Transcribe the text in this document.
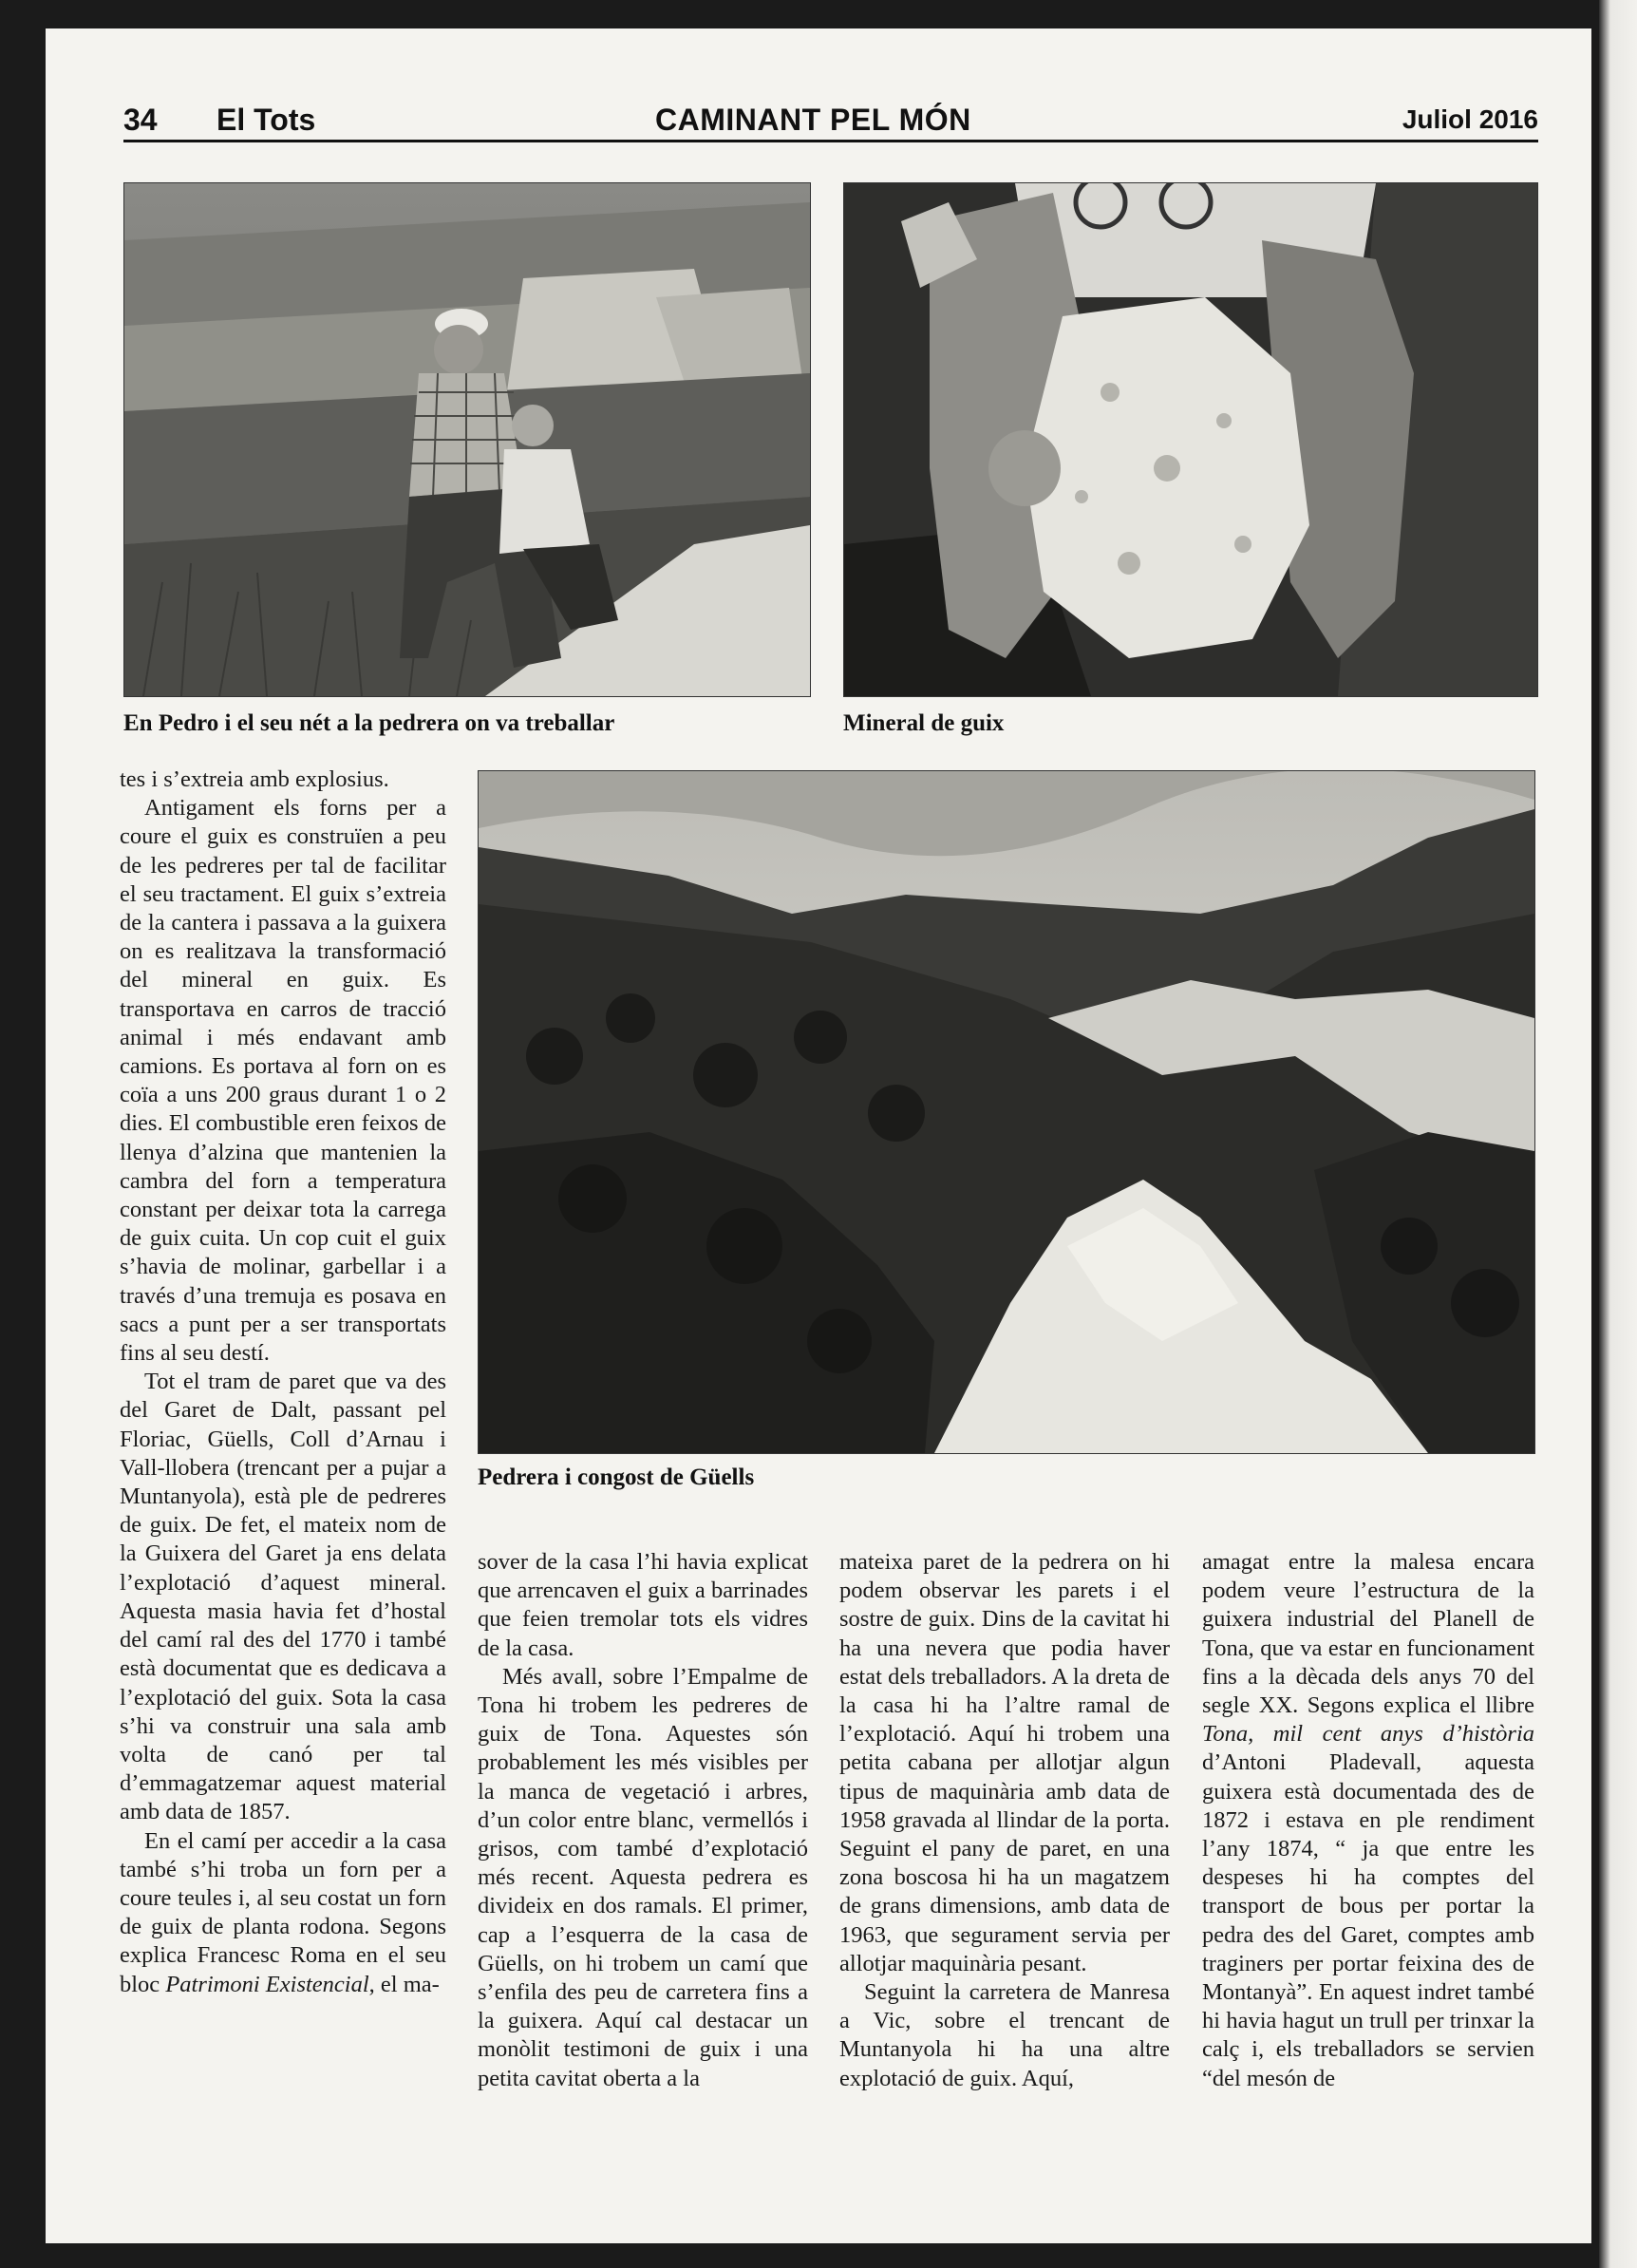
34 El Tots	CAMINANT PEL MÓN	Juliol 2016
En Pedro i el seu nét a la pedrera on va treballar	Mineral de guix
Pedrera i congost de Güells

tes i s’extreia amb explosius.

Antigament els forns per a coure el guix es construïen a peu de les pedreres per tal de facilitar el seu tractament. El guix s’extreia de la cantera i passava a la guixera on es realitzava la transformació del mineral en guix. Es transportava en carros de tracció animal i més endavant amb camions. Es portava al forn on es coïa a uns 200 graus durant 1 o 2 dies. El combustible eren feixos de llenya d’alzina que mantenien la cambra del forn a temperatura constant per deixar tota la carrega de guix cuita. Un cop cuit el guix s’havia de molinar, garbellar i a través d’una tremuja es posava en sacs a punt per a ser transportats fins al seu destí.

Tot el tram de paret que va des del Garet de Dalt, passant pel Floriac, Güells, Coll d’Arnau i Vall-llobera (trencant per a pujar a Muntanyola), està ple de pedreres de guix. De fet, el mateix nom de la Guixera del Garet ja ens delata l’explotació d’aquest mineral. Aquesta masia havia fet d’hostal del camí ral des del 1770 i també està documentat que es dedicava a l’explotació del guix. Sota la casa s’hi va construir una sala amb volta de canó per tal d’emmagatzemar aquest material amb data de 1857.

En el camí per accedir a la casa també s’hi troba un forn per a coure teules i, al seu costat un forn de guix de planta rodona. Segons explica Francesc Roma en el seu bloc Patrimoni Existencial, el ma-

sover de la casa l’hi havia explicat que arrencaven el guix a barrinades que feien tremolar tots els vidres de la casa.

Més avall, sobre l’Empalme de Tona hi trobem les pedreres de guix de Tona. Aquestes són probablement les més visibles per la manca de vegetació i arbres, d’un color entre blanc, vermellós i grisos, com també d’explotació més recent. Aquesta pedrera es divideix en dos ramals. El primer, cap a l’esquerra de la casa de Güells, on hi trobem un camí que s’enfila des peu de carretera fins a la guixera. Aquí cal destacar un monòlit testimoni de guix i una petita cavitat oberta a la

mateixa paret de la pedrera on hi podem observar les parets i el sostre de guix. Dins de la cavitat hi ha una nevera que podia haver estat dels treballadors. A la dreta de la casa hi ha l’altre ramal de l’explotació. Aquí hi trobem una petita cabana per allotjar algun tipus de maquinària amb data de 1958 gravada al llindar de la porta. Seguint el pany de paret, en una zona boscosa hi ha un magatzem de grans dimensions, amb data de 1963, que segurament servia per allotjar maquinària pesant.

Seguint la carretera de Manresa a Vic, sobre el trencant de Muntanyola hi ha una altre explotació de guix. Aquí,

amagat entre la malesa encara podem veure l’estructura de la guixera industrial del Planell de Tona, que va estar en funcionament fins a la dècada dels anys 70 del segle XX. Segons explica el llibre Tona, mil cent anys d’història d’Antoni Pladevall, aquesta guixera està documentada des de 1872 i estava en ple rendiment l’any 1874, “ ja que entre les despeses hi ha comptes del transport de bous per portar la pedra des del Garet, comptes amb traginers per portar feixina des de Montanyà”. En aquest indret també hi havia hagut un trull per trinxar la calç i, els treballadors se servien “del mesón de
